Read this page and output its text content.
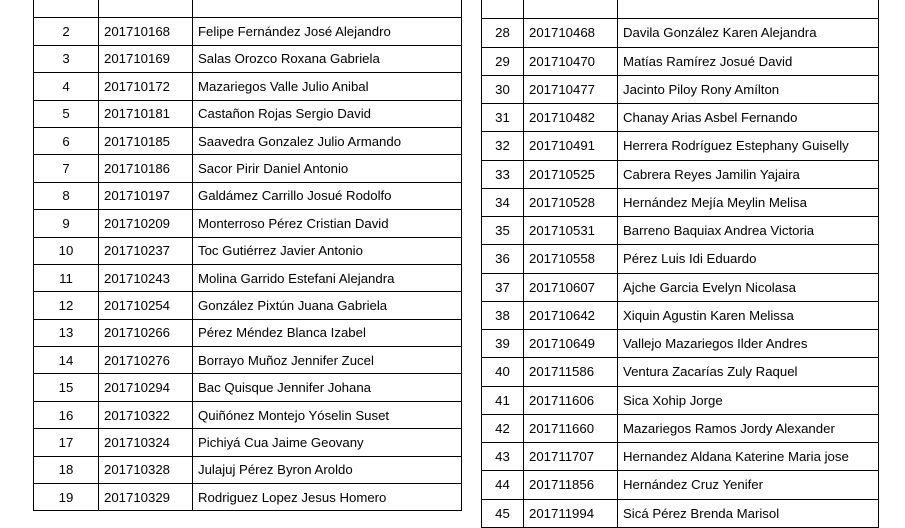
2	201710168	Felipe Fernández José Alejandro
3	201710169	Salas Orozco Roxana Gabriela
4	201710172	Mazariegos Valle Julio Anibal
5	201710181	Castañon Rojas Sergio David
6	201710185	Saavedra Gonzalez Julio Armando
7	201710186	Sacor Pirir Daniel Antonio
8	201710197	Galdámez Carrillo Josué Rodolfo
9	201710209	Monterroso Pérez Cristian David
10	201710237	Toc Gutiérrez Javier Antonio
11	201710243	Molina Garrido Estefani Alejandra
12	201710254	González Pixtún Juana Gabriela
13	201710266	Pérez Méndez Blanca Izabel
14	201710276	Borrayo Muñoz Jennifer Zucel
15	201710294	Bac Quisque Jennifer Johana
16	201710322	Quiñónez Montejo Yóselin Suset
17	201710324	Pichiyá Cua Jaime Geovany
18	201710328	Julajuj Pérez Byron Aroldo
19	201710329	Rodriguez Lopez Jesus Homero

28	201710468	Davila González Karen Alejandra
29	201710470	Matías Ramírez Josué David
30	201710477	Jacinto Piloy Rony Amílton
31	201710482	Chanay Arias Asbel Fernando
32	201710491	Herrera Rodríguez Estephany Guiselly
33	201710525	Cabrera Reyes Jamilin Yajaira
34	201710528	Hernández Mejía Meylin Melisa
35	201710531	Barreno Baquiax Andrea Victoria
36	201710558	Pérez Luis Idi Eduardo
37	201710607	Ajche Garcia Evelyn Nicolasa
38	201710642	Xiquin Agustin Karen Melissa
39	201710649	Vallejo Mazariegos Ilder Andres
40	201711586	Ventura Zacarías Zuly Raquel
41	201711606	Sica Xohip Jorge
42	201711660	Mazariegos Ramos Jordy Alexander
43	201711707	Hernandez Aldana Katerine Maria jose
44	201711856	Hernández Cruz Yenifer
45	201711994	Sicá Pérez Brenda Marisol
